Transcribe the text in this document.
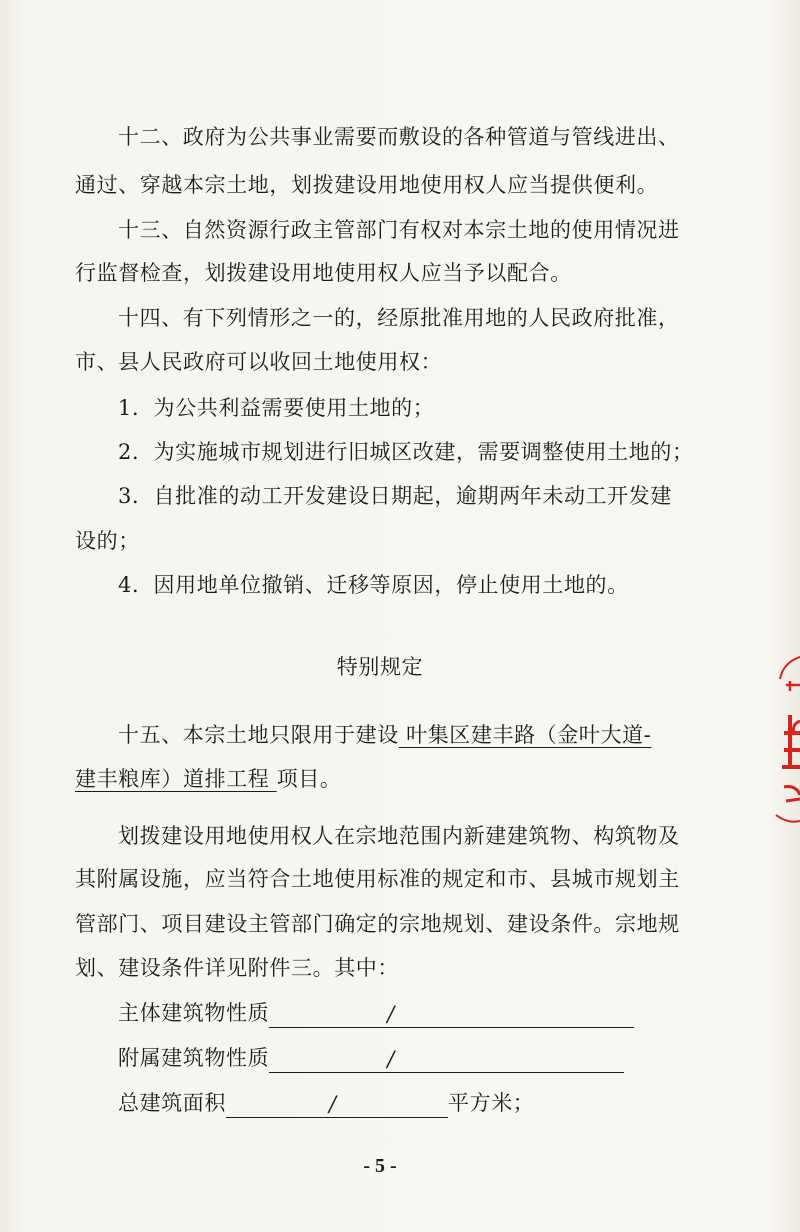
十二、政府为公共事业需要而敷设的各种管道与管线进出、
通过、穿越本宗土地，划拨建设用地使用权人应当提供便利。
十三、自然资源行政主管部门有权对本宗土地的使用情况进
行监督检查，划拨建设用地使用权人应当予以配合。
十四、有下列情形之一的，经原批准用地的人民政府批准，
市、县人民政府可以收回土地使用权：
1．为公共利益需要使用土地的；
2．为实施城市规划进行旧城区改建，需要调整使用土地的；
3．自批准的动工开发建设日期起，逾期两年未动工开发建
设的；
4．因用地单位撤销、迁移等原因，停止使用土地的。
特别规定
十五、本宗土地只限用于建设 叶集区建丰路（金叶大道-
建丰粮库）道排工程 项目。
划拨建设用地使用权人在宗地范围内新建建筑物、构筑物及
其附属设施，应当符合土地使用标准的规定和市、县城市规划主
管部门、项目建设主管部门确定的宗地规划、建设条件。宗地规
划、建设条件详见附件三。其中：
主体建筑物性质	/
附属建筑物性质	/
总建筑面积	/	平方米；
- 5 -
